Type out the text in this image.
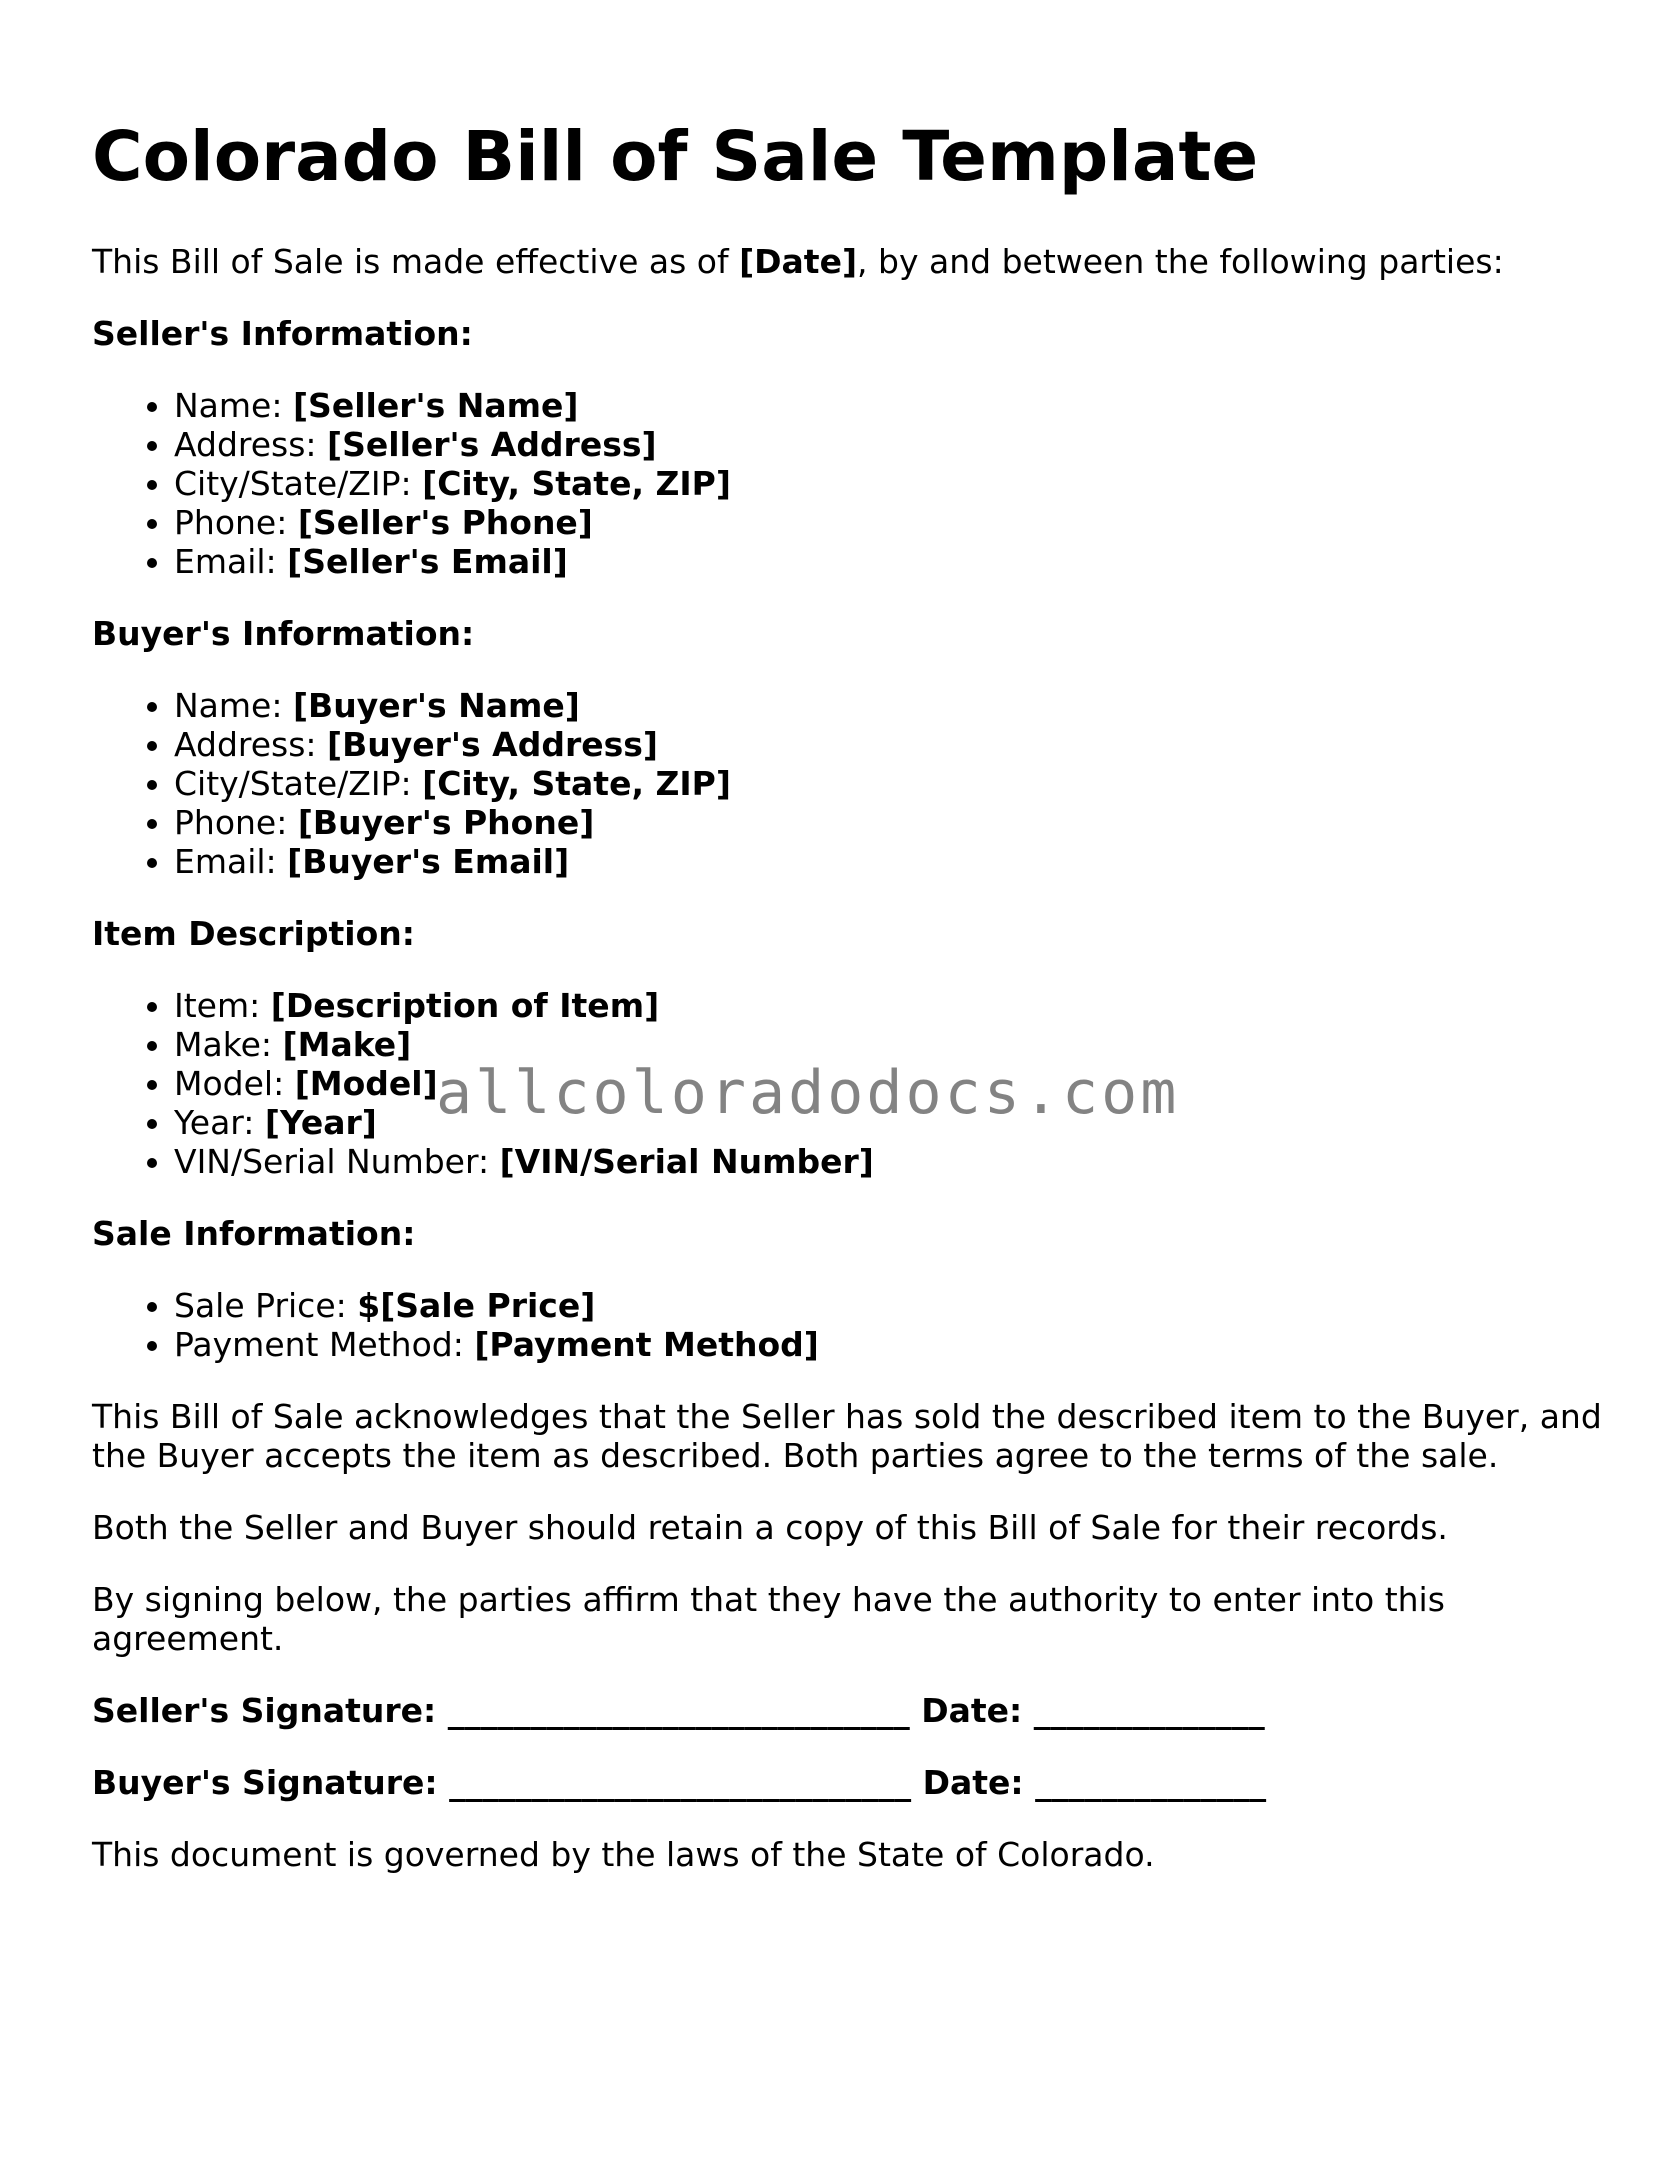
Colorado Bill of Sale Template

This Bill of Sale is made effective as of [Date], by and between the following parties:

Seller's Information:

• Name: [Seller's Name]
• Address: [Seller's Address]
• City/State/ZIP: [City, State, ZIP]
• Phone: [Seller's Phone]
• Email: [Seller's Email]

Buyer's Information:

• Name: [Buyer's Name]
• Address: [Buyer's Address]
• City/State/ZIP: [City, State, ZIP]
• Phone: [Buyer's Phone]
• Email: [Buyer's Email]

Item Description:

• Item: [Description of Item]
• Make: [Make]
• Model: [Model]
• Year: [Year]
• VIN/Serial Number: [VIN/Serial Number]

Sale Information:

• Sale Price: $[Sale Price]
• Payment Method: [Payment Method]

This Bill of Sale acknowledges that the Seller has sold the described item to the Buyer, and the Buyer accepts the item as described. Both parties agree to the terms of the sale.

Both the Seller and Buyer should retain a copy of this Bill of Sale for their records.

By signing below, the parties affirm that they have the authority to enter into this agreement.

Seller's Signature: ____________________________ Date: ______________
Buyer's Signature: ____________________________ Date: ______________

This document is governed by the laws of the State of Colorado.

allcoloradodocs.com
